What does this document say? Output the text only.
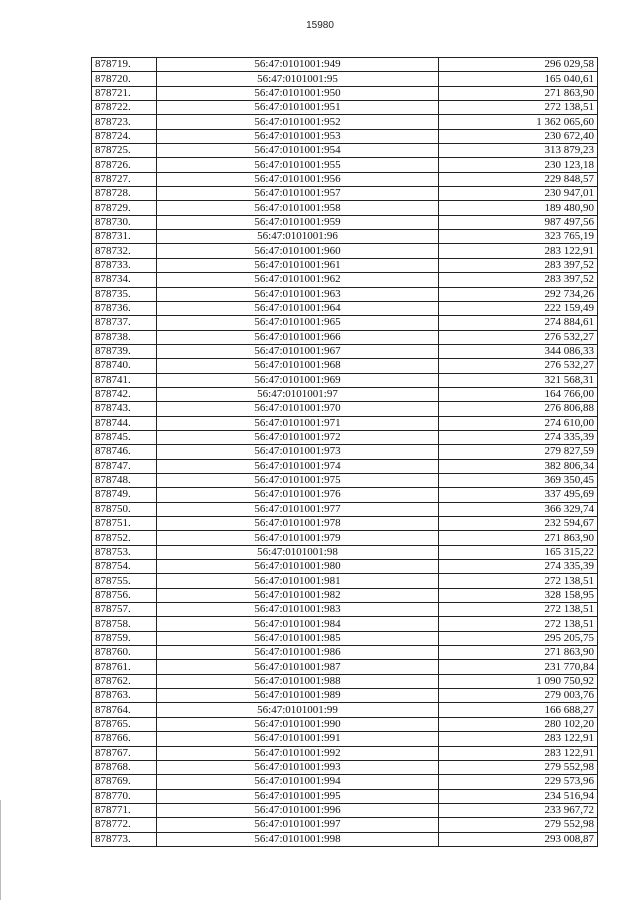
15980
878719.	56:47:0101001:949	296 029,58
878720.	56:47:0101001:95	165 040,61
878721.	56:47:0101001:950	271 863,90
878722.	56:47:0101001:951	272 138,51
878723.	56:47:0101001:952	1 362 065,60
878724.	56:47:0101001:953	230 672,40
878725.	56:47:0101001:954	313 879,23
878726.	56:47:0101001:955	230 123,18
878727.	56:47:0101001:956	229 848,57
878728.	56:47:0101001:957	230 947,01
878729.	56:47:0101001:958	189 480,90
878730.	56:47:0101001:959	987 497,56
878731.	56:47:0101001:96	323 765,19
878732.	56:47:0101001:960	283 122,91
878733.	56:47:0101001:961	283 397,52
878734.	56:47:0101001:962	283 397,52
878735.	56:47:0101001:963	292 734,26
878736.	56:47:0101001:964	222 159,49
878737.	56:47:0101001:965	274 884,61
878738.	56:47:0101001:966	276 532,27
878739.	56:47:0101001:967	344 086,33
878740.	56:47:0101001:968	276 532,27
878741.	56:47:0101001:969	321 568,31
878742.	56:47:0101001:97	164 766,00
878743.	56:47:0101001:970	276 806,88
878744.	56:47:0101001:971	274 610,00
878745.	56:47:0101001:972	274 335,39
878746.	56:47:0101001:973	279 827,59
878747.	56:47:0101001:974	382 806,34
878748.	56:47:0101001:975	369 350,45
878749.	56:47:0101001:976	337 495,69
878750.	56:47:0101001:977	366 329,74
878751.	56:47:0101001:978	232 594,67
878752.	56:47:0101001:979	271 863,90
878753.	56:47:0101001:98	165 315,22
878754.	56:47:0101001:980	274 335,39
878755.	56:47:0101001:981	272 138,51
878756.	56:47:0101001:982	328 158,95
878757.	56:47:0101001:983	272 138,51
878758.	56:47:0101001:984	272 138,51
878759.	56:47:0101001:985	295 205,75
878760.	56:47:0101001:986	271 863,90
878761.	56:47:0101001:987	231 770,84
878762.	56:47:0101001:988	1 090 750,92
878763.	56:47:0101001:989	279 003,76
878764.	56:47:0101001:99	166 688,27
878765.	56:47:0101001:990	280 102,20
878766.	56:47:0101001:991	283 122,91
878767.	56:47:0101001:992	283 122,91
878768.	56:47:0101001:993	279 552,98
878769.	56:47:0101001:994	229 573,96
878770.	56:47:0101001:995	234 516,94
878771.	56:47:0101001:996	233 967,72
878772.	56:47:0101001:997	279 552,98
878773.	56:47:0101001:998	293 008,87
